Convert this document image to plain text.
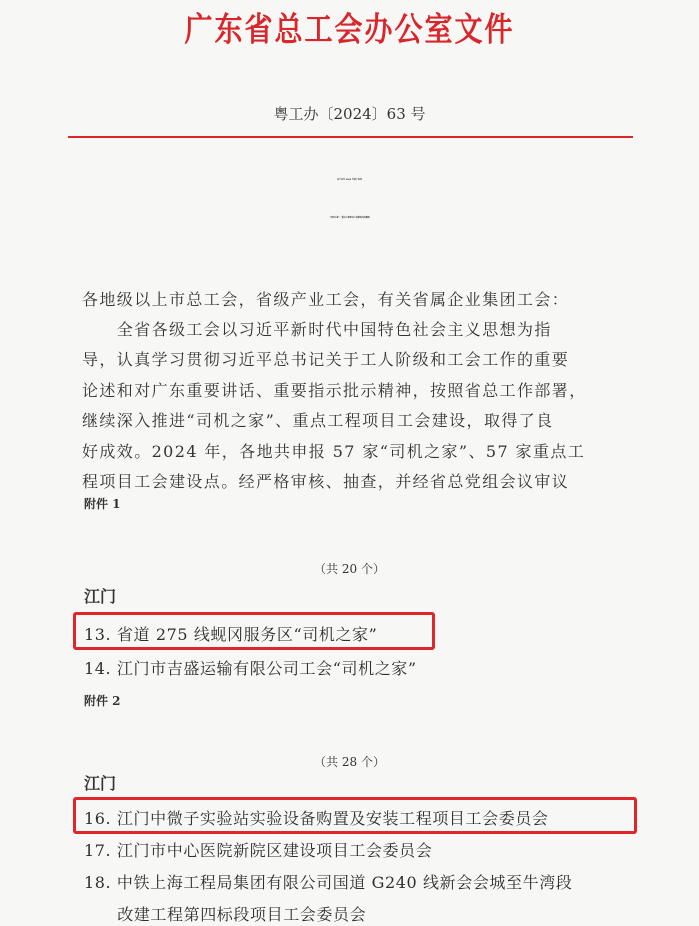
广东省总工会办公室文件
粤工办〔2024〕63 号
关于认定 2024 年度广东省
“司机之家”、重点工程项目工会建设点的通知
各地级以上市总工会，省级产业工会，有关省属企业集团工会：
　　全省各级工会以习近平新时代中国特色社会主义思想为指
导，认真学习贯彻习近平总书记关于工人阶级和工会工作的重要
论述和对广东重要讲话、重要指示批示精神，按照省总工作部署，
继续深入推进“司机之家”、重点工程项目工会建设，取得了良
好成效。2024 年，各地共申报 57 家“司机之家”、57 家重点工
程项目工会建设点。经严格审核、抽查，并经省总党组会议审议
附件 1
（共 20 个）
江门
13. 省道 275 线蚬冈服务区“司机之家”
14. 江门市吉盛运输有限公司工会“司机之家”
附件 2
（共 28 个）
江门
16. 江门中微子实验站实验设备购置及安装工程项目工会委员会
17. 江门市中心医院新院区建设项目工会委员会
18. 中铁上海工程局集团有限公司国道 G240 线新会会城至牛湾段
　　改建工程第四标段项目工会委员会
